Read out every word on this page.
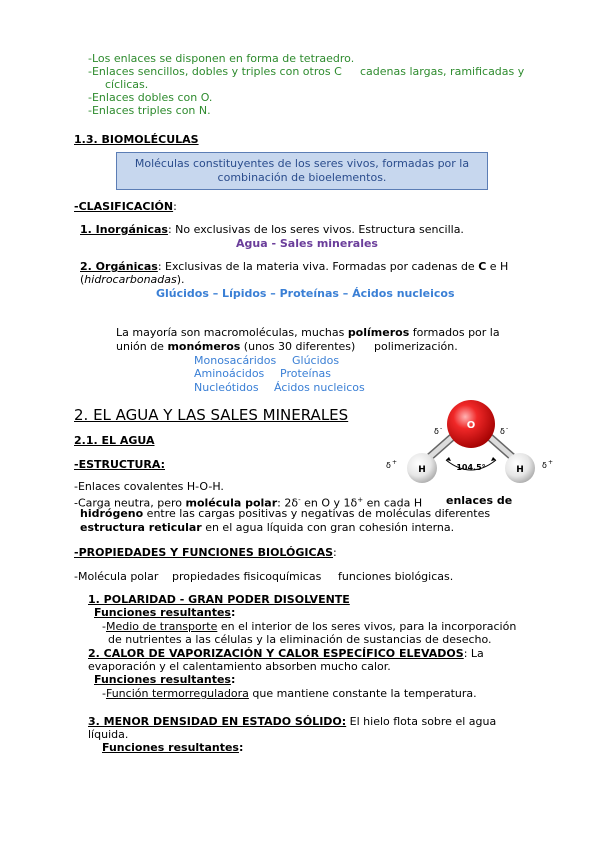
-Los enlaces se disponen en forma de tetraedro.
-Enlaces sencillos, dobles y triples con otros C cadenas largas, ramificadas y
cíclicas.
-Enlaces dobles con O.
-Enlaces triples con N.
1.3. BIOMOLÉCULAS
Moléculas constituyentes de los seres vivos, formadas por la
combinación de bioelementos.
-CLASIFICACIÓN:
1. Inorgánicas: No exclusivas de los seres vivos. Estructura sencilla.
Agua - Sales minerales
2. Orgánicas: Exclusivas de la materia viva. Formadas por cadenas de C e H
(hidrocarbonadas).
Glúcidos – Lípidos – Proteínas – Ácidos nucleicos
La mayoría son macromoléculas, muchas polímeros formados por la
unión de monómeros (unos 30 diferentes) polimerización.
Monosacáridos Glúcidos
Aminoácidos Proteínas
Nucleótidos Ácidos nucleicos
2. EL AGUA Y LAS SALES MINERALES
2.1. EL AGUA
-ESTRUCTURA:
-Enlaces covalentes H-O-H.
-Carga neutra, pero molécula polar: 2δ- en O y 1δ+ en cada H enlaces de
hidrógeno entre las cargas positivas y negativas de moléculas diferentes
estructura reticular en el agua líquida con gran cohesión interna.
-PROPIEDADES Y FUNCIONES BIOLÓGICAS:
-Molécula polar propiedades fisicoquímicas funciones biológicas.
1. POLARIDAD - GRAN PODER DISOLVENTE
Funciones resultantes:
-Medio de transporte en el interior de los seres vivos, para la incorporación
de nutrientes a las células y la eliminación de sustancias de desecho.
2. CALOR DE VAPORIZACIÓN Y CALOR ESPECÍFICO ELEVADOS: La
evaporación y el calentamiento absorben mucho calor.
Funciones resultantes:
-Función termorreguladora que mantiene constante la temperatura.
3. MENOR DENSIDAD EN ESTADO SÓLIDO: El hielo flota sobre el agua
líquida.
Funciones resultantes:
O
H	H
104.5°
δ -	δ -
δ +	δ +
